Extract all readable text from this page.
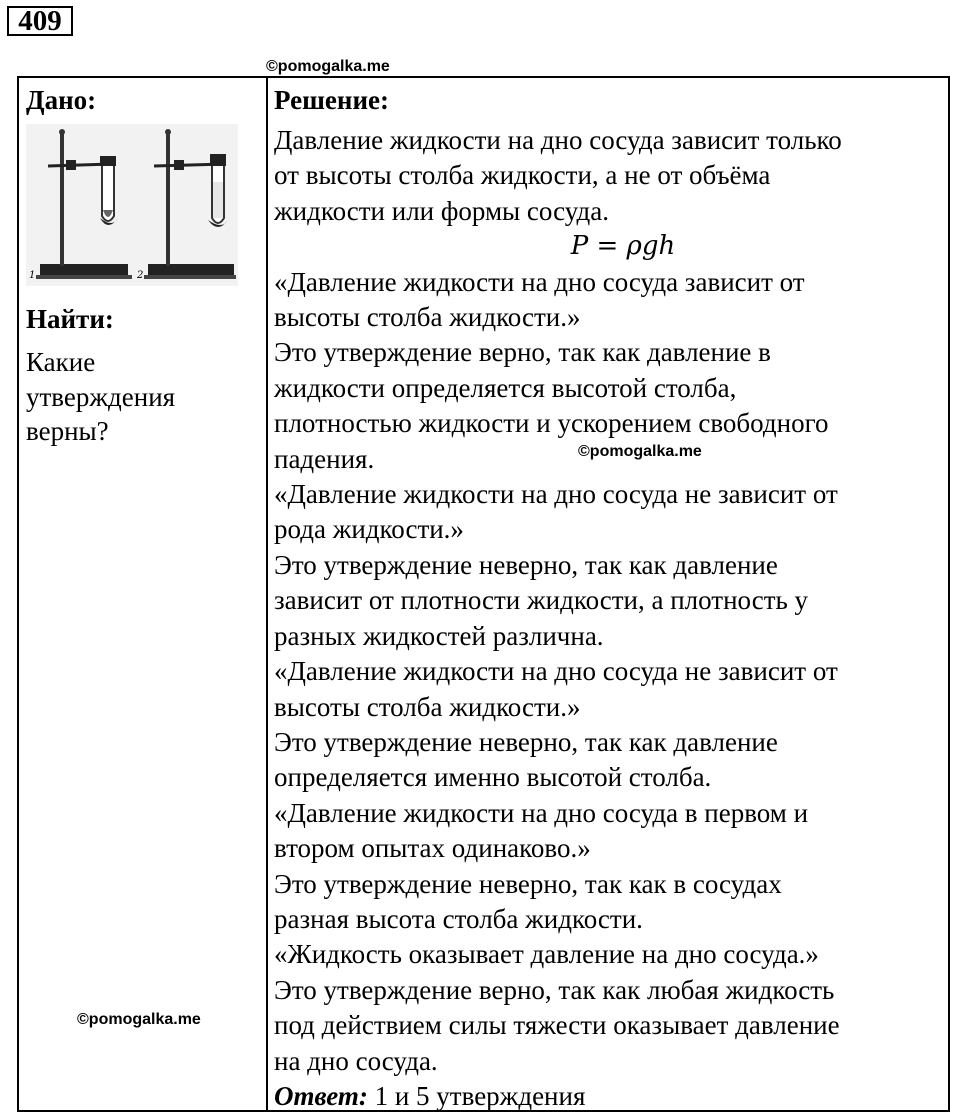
409
©pomogalka.me
Дано:
1	2
Найти:
Какие
утверждения
верны?
Решение:
Давление жидкости на дно сосуда зависит только
от высоты столба жидкости, а не от объёма
жидкости или формы сосуда.
P = ρgh
«Давление жидкости на дно сосуда зависит от
высоты столба жидкости.»
Это утверждение верно, так как давление в
жидкости определяется высотой столба,
плотностью жидкости и ускорением свободного
падения.
«Давление жидкости на дно сосуда не зависит от
рода жидкости.»
Это утверждение неверно, так как давление
зависит от плотности жидкости, а плотность у
разных жидкостей различна.
«Давление жидкости на дно сосуда не зависит от
высоты столба жидкости.»
Это утверждение неверно, так как давление
определяется именно высотой столба.
«Давление жидкости на дно сосуда в первом и
втором опытах одинаково.»
Это утверждение неверно, так как в сосудах
разная высота столба жидкости.
«Жидкость оказывает давление на дно сосуда.»
Это утверждение верно, так как любая жидкость
под действием силы тяжести оказывает давление
на дно сосуда.
Ответ: 1 и 5 утверждения
©pomogalka.me
©pomogalka.me
